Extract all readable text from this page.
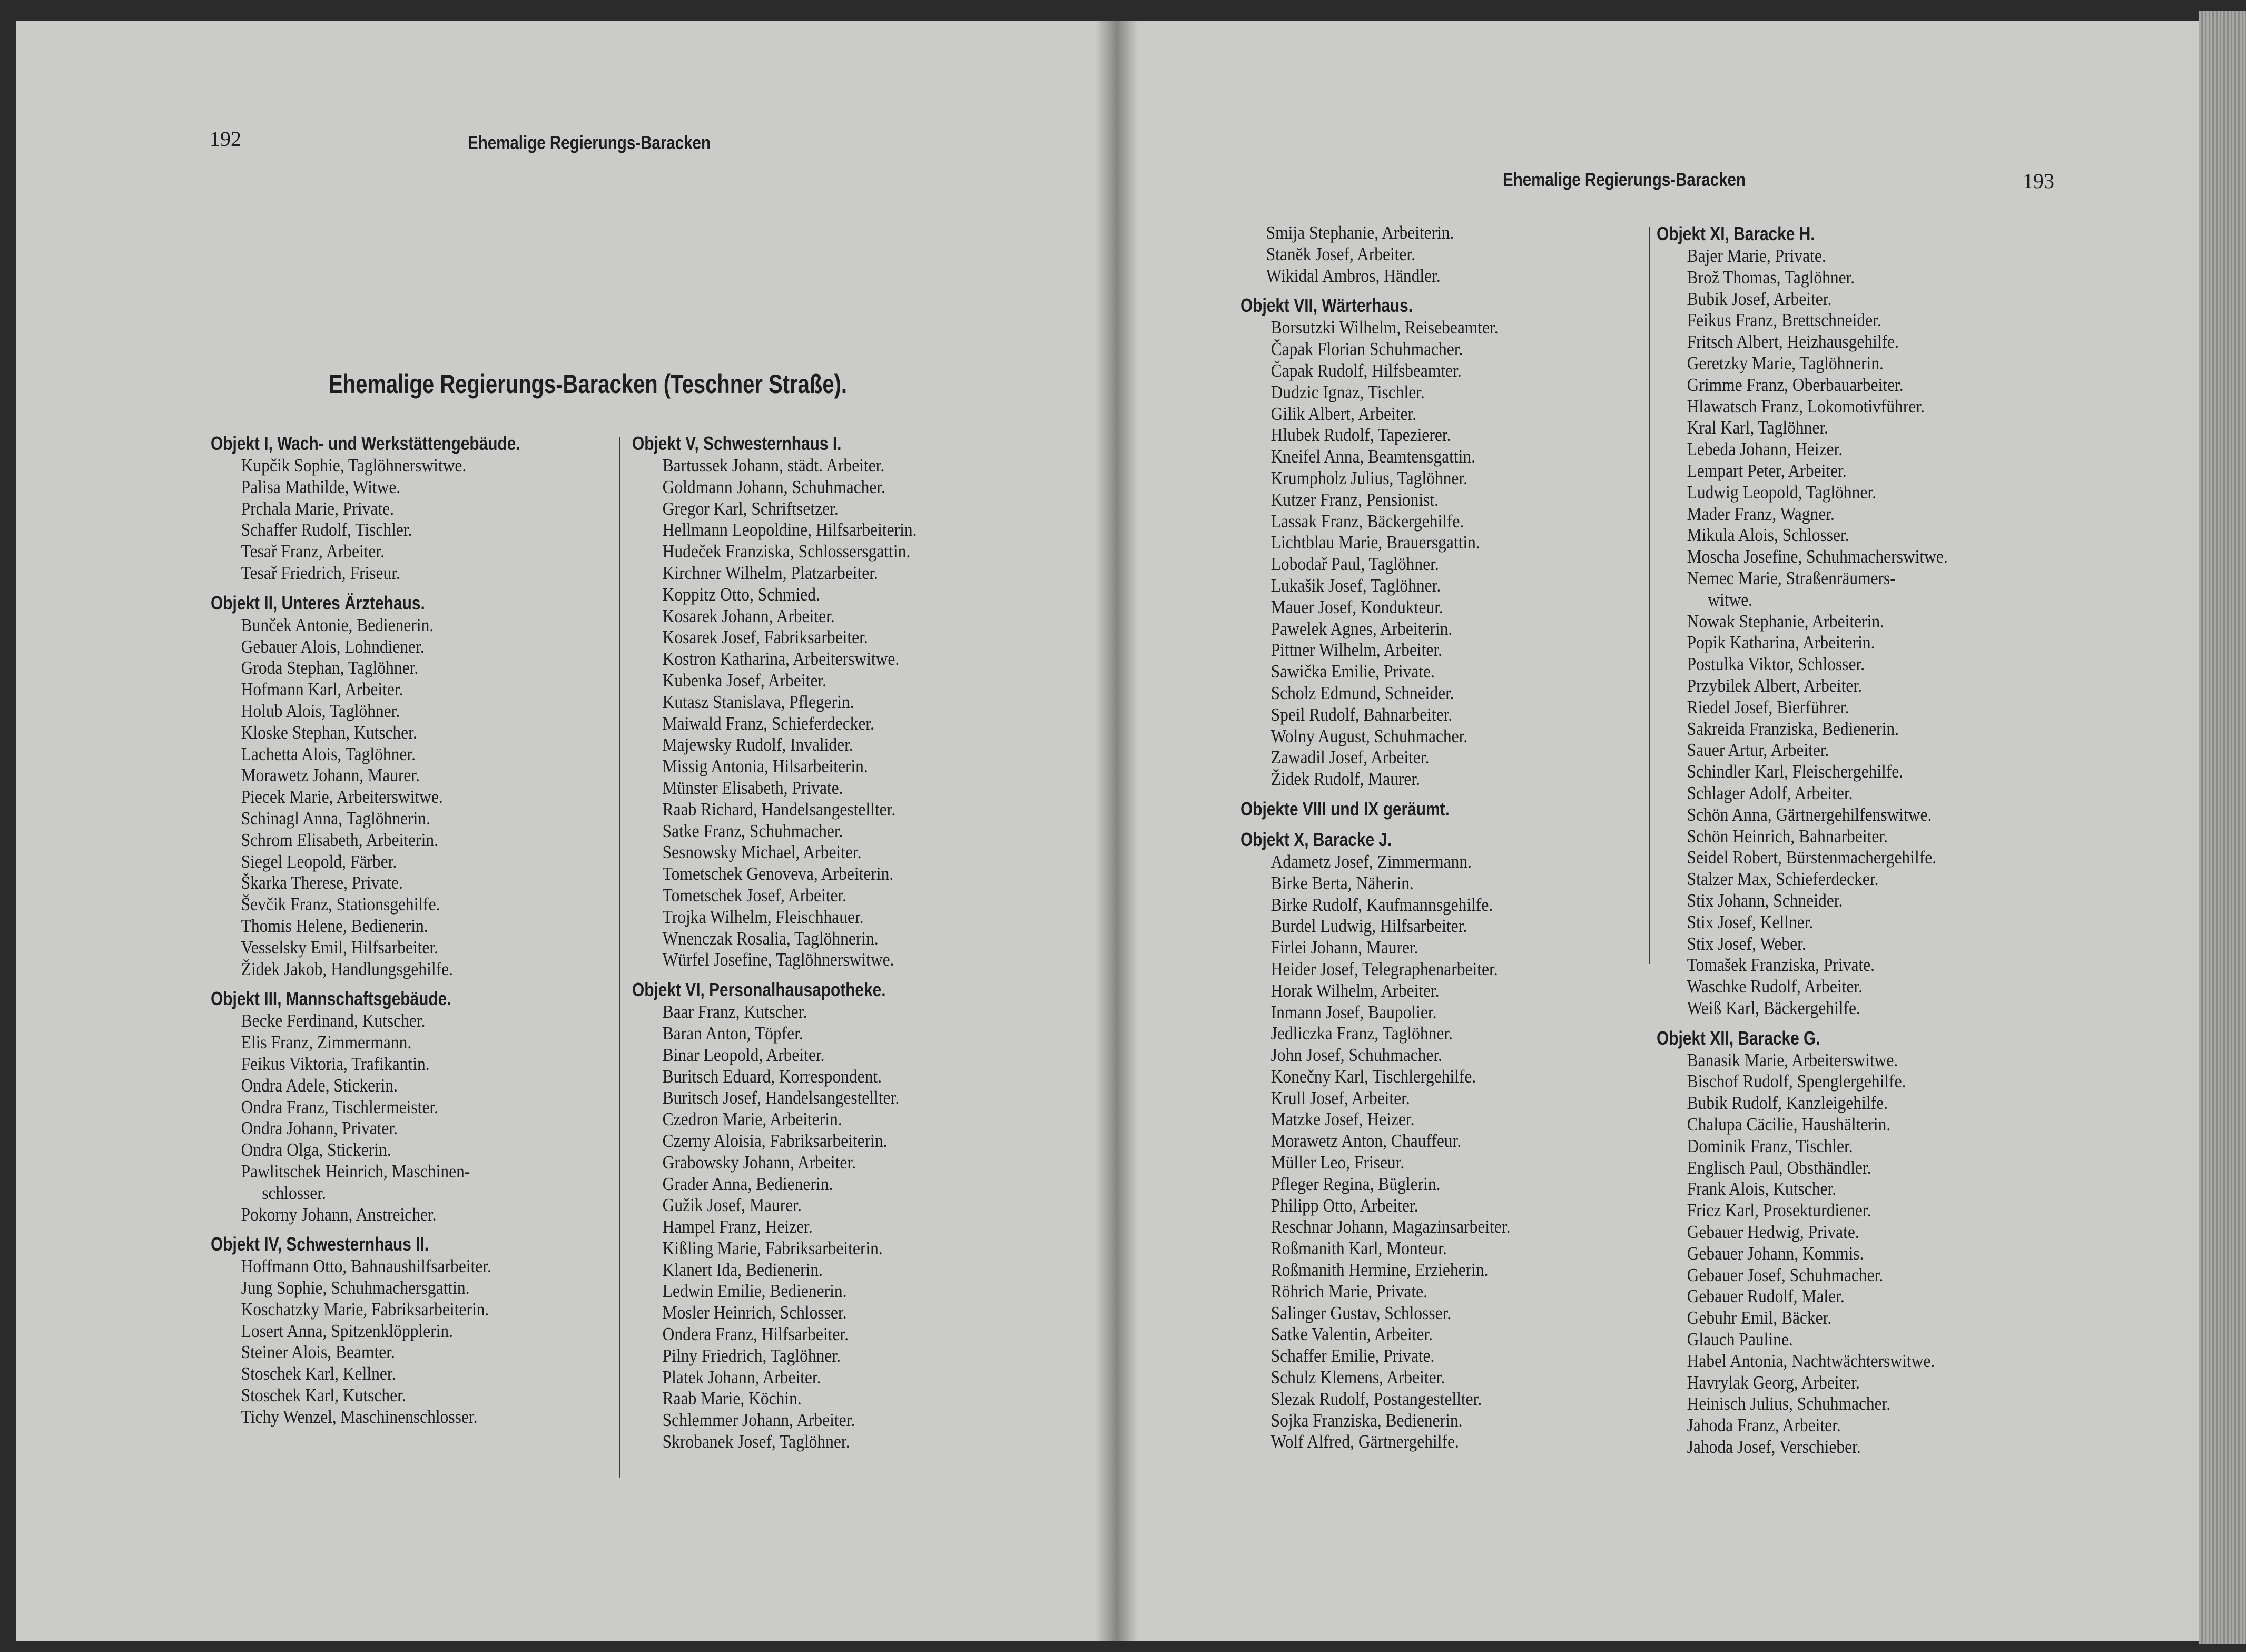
192	Ehemalige Regierungs-Baracken
Ehemalige Regierungs-Baracken (Teschner Straße).
Objekt I, Wach- und Werkstättengebäude.
Kupčik Sophie, Taglöhnerswitwe.
Palisa Mathilde, Witwe.
Prchala Marie, Private.
Schaffer Rudolf, Tischler.
Tesař Franz, Arbeiter.
Tesař Friedrich, Friseur.
Objekt II, Unteres Ärztehaus.
Bunček Antonie, Bedienerin.
Gebauer Alois, Lohndiener.
Groda Stephan, Taglöhner.
Hofmann Karl, Arbeiter.
Holub Alois, Taglöhner.
Kloske Stephan, Kutscher.
Lachetta Alois, Taglöhner.
Morawetz Johann, Maurer.
Piecek Marie, Arbeiterswitwe.
Schinagl Anna, Taglöhnerin.
Schrom Elisabeth, Arbeiterin.
Siegel Leopold, Färber.
Škarka Therese, Private.
Ševčik Franz, Stationsgehilfe.
Thomis Helene, Bedienerin.
Vesselsky Emil, Hilfsarbeiter.
Židek Jakob, Handlungsgehilfe.
Objekt III, Mannschaftsgebäude.
Becke Ferdinand, Kutscher.
Elis Franz, Zimmermann.
Feikus Viktoria, Trafikantin.
Ondra Adele, Stickerin.
Ondra Franz, Tischlermeister.
Ondra Johann, Privater.
Ondra Olga, Stickerin.
Pawlitschek Heinrich, Maschinen-
schlosser.
Pokorny Johann, Anstreicher.
Objekt IV, Schwesternhaus II.
Hoffmann Otto, Bahnaushilfsarbeiter.
Jung Sophie, Schuhmachersgattin.
Koschatzky Marie, Fabriksarbeiterin.
Losert Anna, Spitzenklöpplerin.
Steiner Alois, Beamter.
Stoschek Karl, Kellner.
Stoschek Karl, Kutscher.
Tichy Wenzel, Maschinenschlosser.
Objekt V, Schwesternhaus I.
Bartussek Johann, städt. Arbeiter.
Goldmann Johann, Schuhmacher.
Gregor Karl, Schriftsetzer.
Hellmann Leopoldine, Hilfsarbeiterin.
Hudeček Franziska, Schlossersgattin.
Kirchner Wilhelm, Platzarbeiter.
Koppitz Otto, Schmied.
Kosarek Johann, Arbeiter.
Kosarek Josef, Fabriksarbeiter.
Kostron Katharina, Arbeiterswitwe.
Kubenka Josef, Arbeiter.
Kutasz Stanislava, Pflegerin.
Maiwald Franz, Schieferdecker.
Majewsky Rudolf, Invalider.
Missig Antonia, Hilsarbeiterin.
Münster Elisabeth, Private.
Raab Richard, Handelsangestellter.
Satke Franz, Schuhmacher.
Sesnowsky Michael, Arbeiter.
Tometschek Genoveva, Arbeiterin.
Tometschek Josef, Arbeiter.
Trojka Wilhelm, Fleischhauer.
Wnenczak Rosalia, Taglöhnerin.
Würfel Josefine, Taglöhnerswitwe.
Objekt VI, Personalhausapotheke.
Baar Franz, Kutscher.
Baran Anton, Töpfer.
Binar Leopold, Arbeiter.
Buritsch Eduard, Korrespondent.
Buritsch Josef, Handelsangestellter.
Czedron Marie, Arbeiterin.
Czerny Aloisia, Fabriksarbeiterin.
Grabowsky Johann, Arbeiter.
Grader Anna, Bedienerin.
Gužik Josef, Maurer.
Hampel Franz, Heizer.
Kißling Marie, Fabriksarbeiterin.
Klanert Ida, Bedienerin.
Ledwin Emilie, Bedienerin.
Mosler Heinrich, Schlosser.
Ondera Franz, Hilfsarbeiter.
Pilny Friedrich, Taglöhner.
Platek Johann, Arbeiter.
Raab Marie, Köchin.
Schlemmer Johann, Arbeiter.
Skrobanek Josef, Taglöhner.
Ehemalige Regierungs-Baracken	193
Smija Stephanie, Arbeiterin.
Stanĕk Josef, Arbeiter.
Wikidal Ambros, Händler.
Objekt VII, Wärterhaus.
Borsutzki Wilhelm, Reisebeamter.
Čapak Florian Schuhmacher.
Čapak Rudolf, Hilfsbeamter.
Dudzic Ignaz, Tischler.
Gilik Albert, Arbeiter.
Hlubek Rudolf, Tapezierer.
Kneifel Anna, Beamtensgattin.
Krumpholz Julius, Taglöhner.
Kutzer Franz, Pensionist.
Lassak Franz, Bäckergehilfe.
Lichtblau Marie, Brauersgattin.
Lobodař Paul, Taglöhner.
Lukašik Josef, Taglöhner.
Mauer Josef, Kondukteur.
Pawelek Agnes, Arbeiterin.
Pittner Wilhelm, Arbeiter.
Sawička Emilie, Private.
Scholz Edmund, Schneider.
Speil Rudolf, Bahnarbeiter.
Wolny August, Schuhmacher.
Zawadil Josef, Arbeiter.
Židek Rudolf, Maurer.
Objekte VIII und IX geräumt.
Objekt X, Baracke J.
Adametz Josef, Zimmermann.
Birke Berta, Näherin.
Birke Rudolf, Kaufmannsgehilfe.
Burdel Ludwig, Hilfsarbeiter.
Firlei Johann, Maurer.
Heider Josef, Telegraphenarbeiter.
Horak Wilhelm, Arbeiter.
Inmann Josef, Baupolier.
Jedliczka Franz, Taglöhner.
John Josef, Schuhmacher.
Konečny Karl, Tischlergehilfe.
Krull Josef, Arbeiter.
Matzke Josef, Heizer.
Morawetz Anton, Chauffeur.
Müller Leo, Friseur.
Pfleger Regina, Büglerin.
Philipp Otto, Arbeiter.
Reschnar Johann, Magazinsarbeiter.
Roßmanith Karl, Monteur.
Roßmanith Hermine, Erzieherin.
Röhrich Marie, Private.
Salinger Gustav, Schlosser.
Satke Valentin, Arbeiter.
Schaffer Emilie, Private.
Schulz Klemens, Arbeiter.
Slezak Rudolf, Postangestellter.
Sojka Franziska, Bedienerin.
Wolf Alfred, Gärtnergehilfe.
Objekt XI, Baracke H.
Bajer Marie, Private.
Brož Thomas, Taglöhner.
Bubik Josef, Arbeiter.
Feikus Franz, Brettschneider.
Fritsch Albert, Heizhausgehilfe.
Geretzky Marie, Taglöhnerin.
Grimme Franz, Oberbauarbeiter.
Hlawatsch Franz, Lokomotivführer.
Kral Karl, Taglöhner.
Lebeda Johann, Heizer.
Lempart Peter, Arbeiter.
Ludwig Leopold, Taglöhner.
Mader Franz, Wagner.
Mikula Alois, Schlosser.
Moscha Josefine, Schuhmacherswitwe.
Nemec Marie, Straßenräumers-
witwe.
Nowak Stephanie, Arbeiterin.
Popik Katharina, Arbeiterin.
Postulka Viktor, Schlosser.
Przybilek Albert, Arbeiter.
Riedel Josef, Bierführer.
Sakreida Franziska, Bedienerin.
Sauer Artur, Arbeiter.
Schindler Karl, Fleischergehilfe.
Schlager Adolf, Arbeiter.
Schön Anna, Gärtnergehilfenswitwe.
Schön Heinrich, Bahnarbeiter.
Seidel Robert, Bürstenmachergehilfe.
Stalzer Max, Schieferdecker.
Stix Johann, Schneider.
Stix Josef, Kellner.
Stix Josef, Weber.
Tomašek Franziska, Private.
Waschke Rudolf, Arbeiter.
Weiß Karl, Bäckergehilfe.
Objekt XII, Baracke G.
Banasik Marie, Arbeiterswitwe.
Bischof Rudolf, Spenglergehilfe.
Bubik Rudolf, Kanzleigehilfe.
Chalupa Cäcilie, Haushälterin.
Dominik Franz, Tischler.
Englisch Paul, Obsthändler.
Frank Alois, Kutscher.
Fricz Karl, Prosekturdiener.
Gebauer Hedwig, Private.
Gebauer Johann, Kommis.
Gebauer Josef, Schuhmacher.
Gebauer Rudolf, Maler.
Gebuhr Emil, Bäcker.
Glauch Pauline.
Habel Antonia, Nachtwächterswitwe.
Havrylak Georg, Arbeiter.
Heinisch Julius, Schuhmacher.
Jahoda Franz, Arbeiter.
Jahoda Josef, Verschieber.
